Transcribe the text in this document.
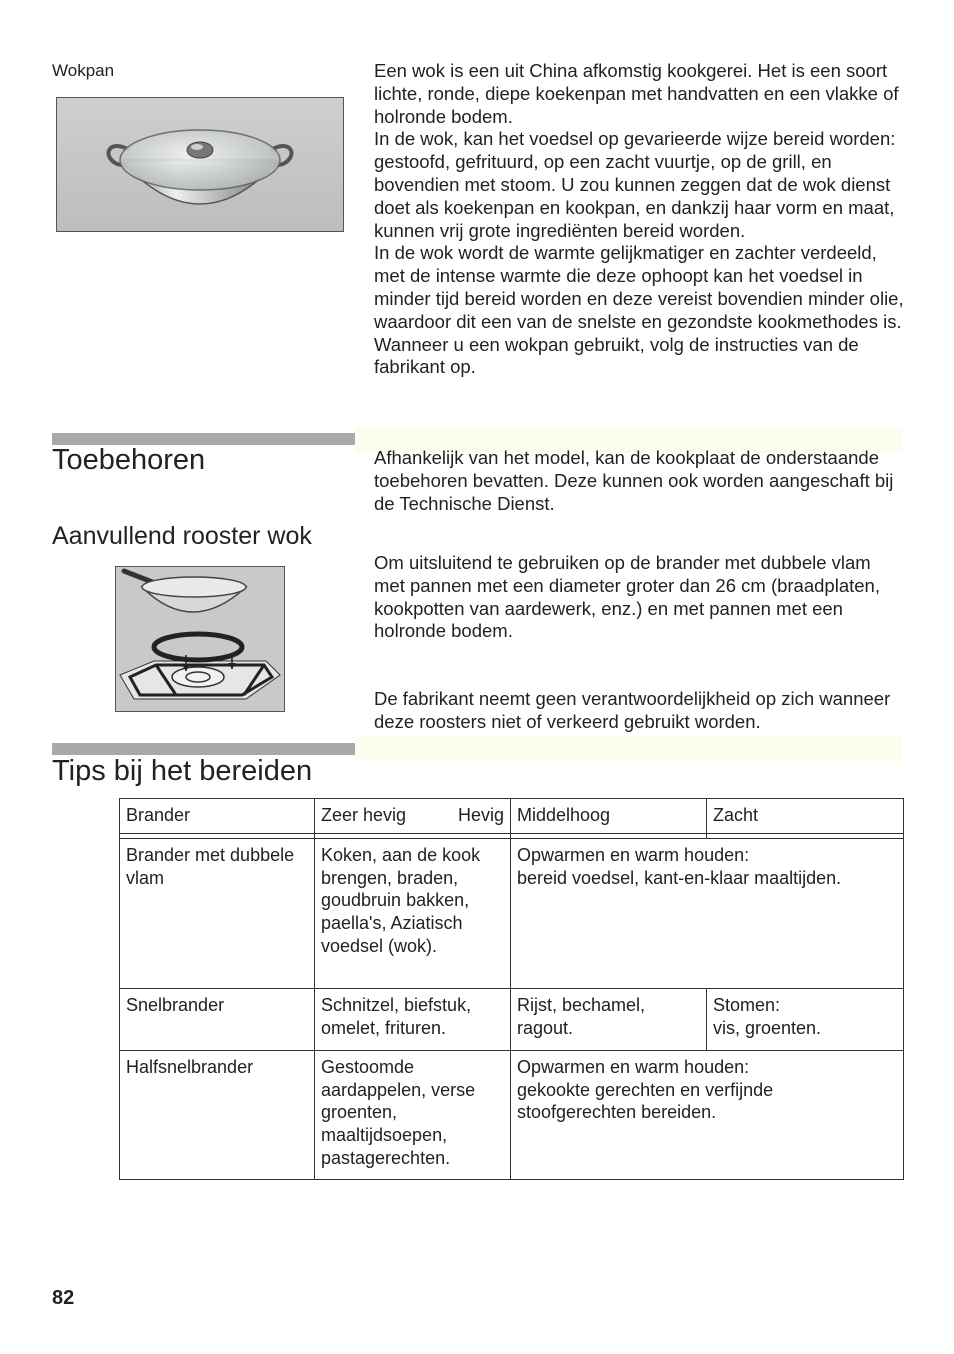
Wokpan	Een wok is een uit China afkomstig kookgerei. Het is een soort lichte, ronde, diepe koekenpan met handvatten en een vlakke of holronde bodem.

In de wok, kan het voedsel op gevarieerde wijze bereid worden: gestoofd, gefrituurd, op een zacht vuurtje, op de grill, en bovendien met stoom. U zou kunnen zeggen dat de wok dienst doet als koekenpan en kookpan, en dankzij haar vorm en maat, kunnen vrij grote ingrediënten bereid worden.

In de wok wordt de warmte gelijkmatiger en zachter verdeeld, met de intense warmte die deze ophoopt kan het voedsel in minder tijd bereid worden en deze vereist bovendien minder olie, waardoor dit een van de snelste en gezondste kookmethodes is.

Wanneer u een wokpan gebruikt, volg de instructies van de fabrikant op.

Toebehoren	Afhankelijk van het model, kan de kookplaat de onderstaande toebehoren bevatten. Deze kunnen ook worden aangeschaft bij de Technische Dienst.

Aanvullend rooster wok

Om uitsluitend te gebruiken op de brander met dubbele vlam met pannen met een diameter groter dan 26 cm (braadplaten, kookpotten van aardewerk, enz.) en met pannen met een holronde bodem.

De fabrikant neemt geen verantwoordelijkheid op zich wanneer deze roosters niet of verkeerd gebruikt worden.

Tips bij het bereiden
Brander	Zeer hevig Hevig	Middelhoog	Zacht

Brander met dubbele vlam	Koken, aan de kook brengen, braden, goudbruin bakken, paella's, Aziatisch voedsel (wok).	Opwarmen en warm houden:
bereid voedsel, kant-en-klaar maaltijden.	
Snelbrander	Schnitzel, biefstuk, omelet, frituren.	Rijst, bechamel, ragout.	Stomen:
vis, groenten.
Halfsnelbrander	Gestoomde aardappelen, verse groenten, maaltijdsoepen, pastagerechten.	Opwarmen en warm houden:
gekookte gerechten en verfijnde stoofgerechten bereiden.	
82
